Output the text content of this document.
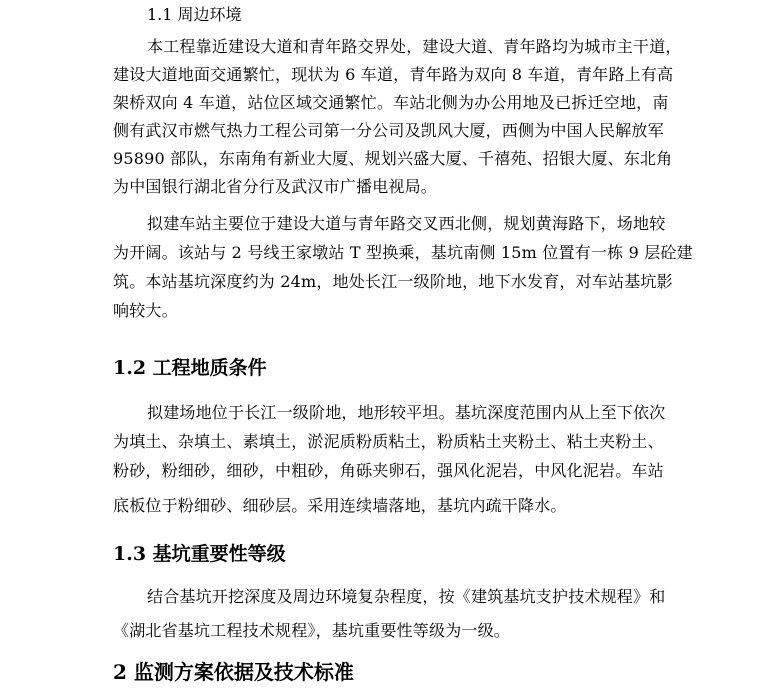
1.1 周边环境
本工程靠近建设大道和青年路交界处，建设大道、青年路均为城市主干道，
建设大道地面交通繁忙，现状为 6 车道，青年路为双向 8 车道，青年路上有高
架桥双向 4 车道，站位区域交通繁忙。车站北侧为办公用地及已拆迁空地，南
侧有武汉市燃气热力工程公司第一分公司及凯风大厦，西侧为中国人民解放军
95890 部队，东南角有新业大厦、规划兴盛大厦、千禧苑、招银大厦、东北角
为中国银行湖北省分行及武汉市广播电视局。
拟建车站主要位于建设大道与青年路交叉西北侧，规划黄海路下，场地较
为开阔。该站与 2 号线王家墩站 T 型换乘，基坑南侧 15m 位置有一栋 9 层砼建
筑。本站基坑深度约为 24m，地处长江一级阶地，地下水发育，对车站基坑影
响较大。
1.2 工程地质条件
拟建场地位于长江一级阶地，地形较平坦。基坑深度范围内从上至下依次
为填土、杂填土、素填土，淤泥质粉质粘土，粉质粘土夹粉土、粘土夹粉土、
粉砂，粉细砂，细砂，中粗砂，角砾夹卵石，强风化泥岩，中风化泥岩。车站
底板位于粉细砂、细砂层。采用连续墙落地，基坑内疏干降水。
1.3 基坑重要性等级
结合基坑开挖深度及周边环境复杂程度，按《建筑基坑支护技术规程》和
《湖北省基坑工程技术规程》，基坑重要性等级为一级。
2 监测方案依据及技术标准
